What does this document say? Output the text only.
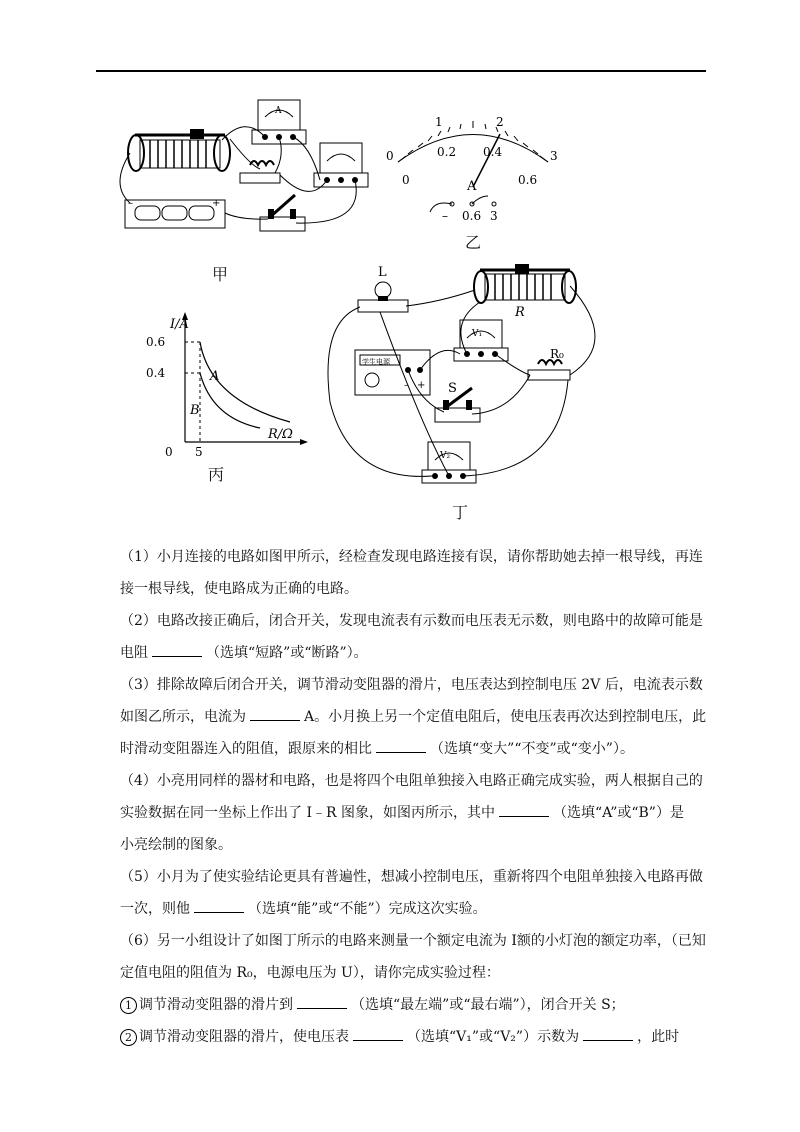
A
–	+
甲
0
1	2
3
0
0.2 0.4
0.6
A
– 0.6 3
乙
I/A
R/Ω
0.6
0.4
0 5
A
B
丙
L
R
V₁
学生电源
– +
R₀
S
V₂
丁
（1）小月连接的电路如图甲所示，经检查发现电路连接有误，请你帮助她去掉一根导线，再连
接一根导线，使电路成为正确的电路。
（2）电路改接正确后，闭合开关，发现电流表有示数而电压表无示数，则电路中的故障可能是
电阻	（选填“短路”或“断路”）。
（3）排除故障后闭合开关，调节滑动变阻器的滑片，电压表达到控制电压 2V 后，电流表示数
如图乙所示，电流为	A。小月换上另一个定值电阻后，使电压表再次达到控制电压，此
时滑动变阻器连入的阻值，跟原来的相比	（选填“变大”“不变”或“变小”）。
（4）小亮用同样的器材和电路，也是将四个电阻单独接入电路正确完成实验，两人根据自己的
实验数据在同一坐标上作出了 I﹣R 图象，如图丙所示，其中	（选填“A”或“B”）是
小亮绘制的图象。
（5）小月为了使实验结论更具有普遍性，想减小控制电压，重新将四个电阻单独接入电路再做
一次，则他	（选填“能”或“不能”）完成这次实验。
（6）另一小组设计了如图丁所示的电路来测量一个额定电流为 I额的小灯泡的额定功率，（已知
定值电阻的阻值为 R₀，电源电压为 U），请你完成实验过程：
1 调节滑动变阻器的滑片到	（选填“最左端”或“最右端”），闭合开关 S；
2 调节滑动变阻器的滑片，使电压表	（选填“V₁”或“V₂”）示数为	，此时
